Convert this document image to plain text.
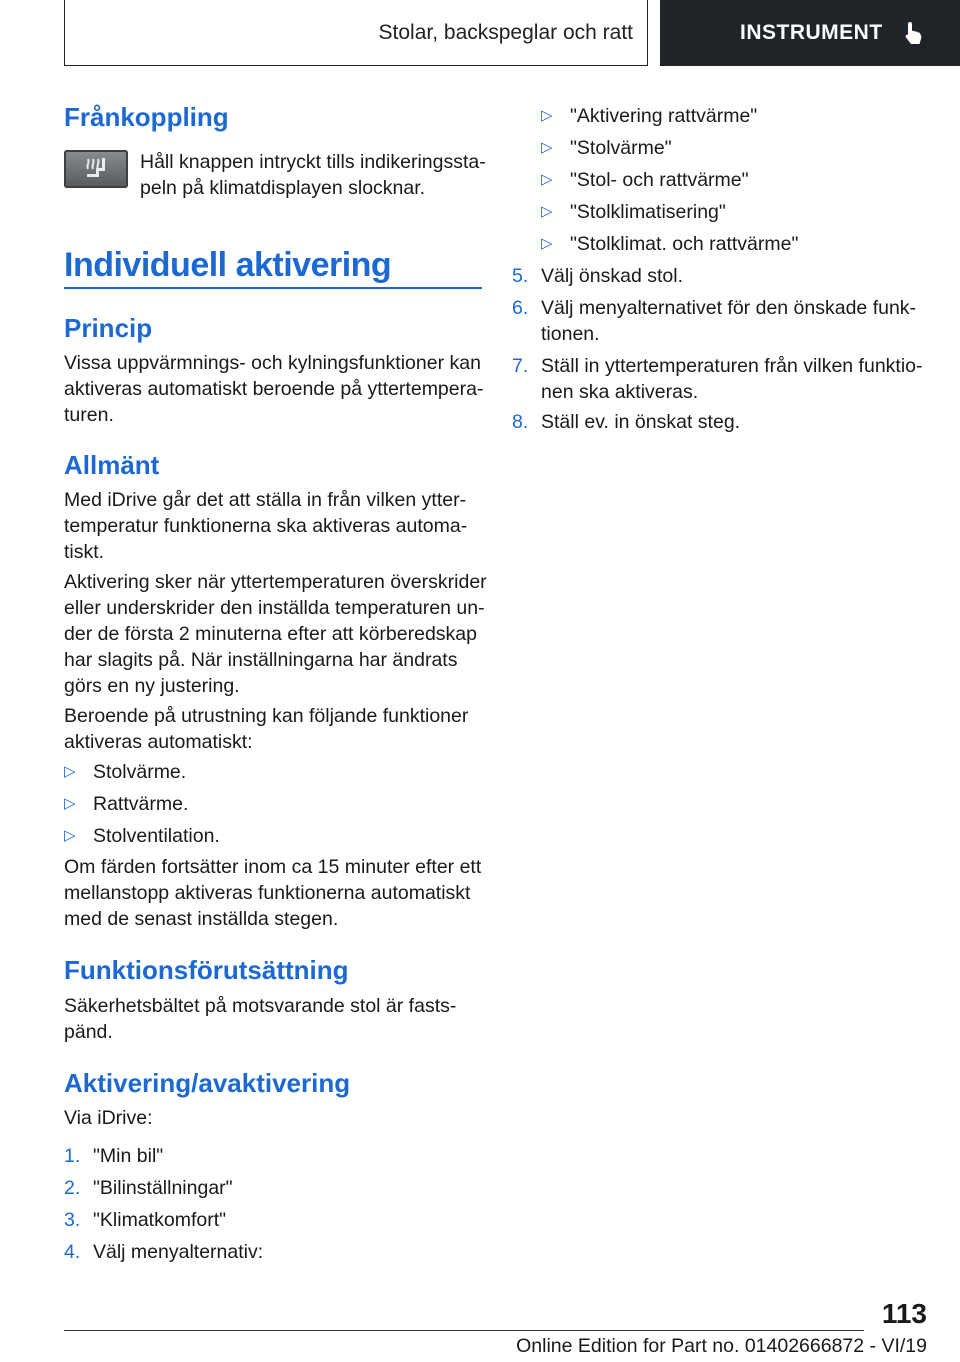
Stolar, backspeglar och ratt	INSTRUMENT
Frånkoppling
Håll knappen intryckt tills indikeringssta-
peln på klimatdisplayen slocknar.
Individuell aktivering
Princip
Vissa uppvärmnings- och kylningsfunktioner kan
aktiveras automatiskt beroende på yttertempera-
turen.
Allmänt
Med iDrive går det att ställa in från vilken ytter-
temperatur funktionerna ska aktiveras automa-
tiskt.
Aktivering sker när yttertemperaturen överskrider
eller underskrider den inställda temperaturen un-
der de första 2 minuterna efter att körberedskap
har slagits på. När inställningarna har ändrats
görs en ny justering.
Beroende på utrustning kan följande funktioner
aktiveras automatiskt:
▷ Stolvärme.
▷ Rattvärme.
▷ Stolventilation.
Om färden fortsätter inom ca 15 minuter efter ett
mellanstopp aktiveras funktionerna automatiskt
med de senast inställda stegen.
Funktionsförutsättning
Säkerhetsbältet på motsvarande stol är fasts-
pänd.
Aktivering/avaktivering
Via iDrive:
1. "Min bil"
2. "Bilinställningar"
3. "Klimatkomfort"
4. Välj menyalternativ:
▷ "Aktivering rattvärme"
▷ "Stolvärme"
▷ "Stol- och rattvärme"
▷ "Stolklimatisering"
▷ "Stolklimat. och rattvärme"
5. Välj önskad stol.
6. Välj menyalternativet för den önskade funk-
tionen.
7. Ställ in yttertemperaturen från vilken funktio-
nen ska aktiveras.
8. Ställ ev. in önskat steg.
113
Online Edition for Part no. 01402666872 - VI/19
